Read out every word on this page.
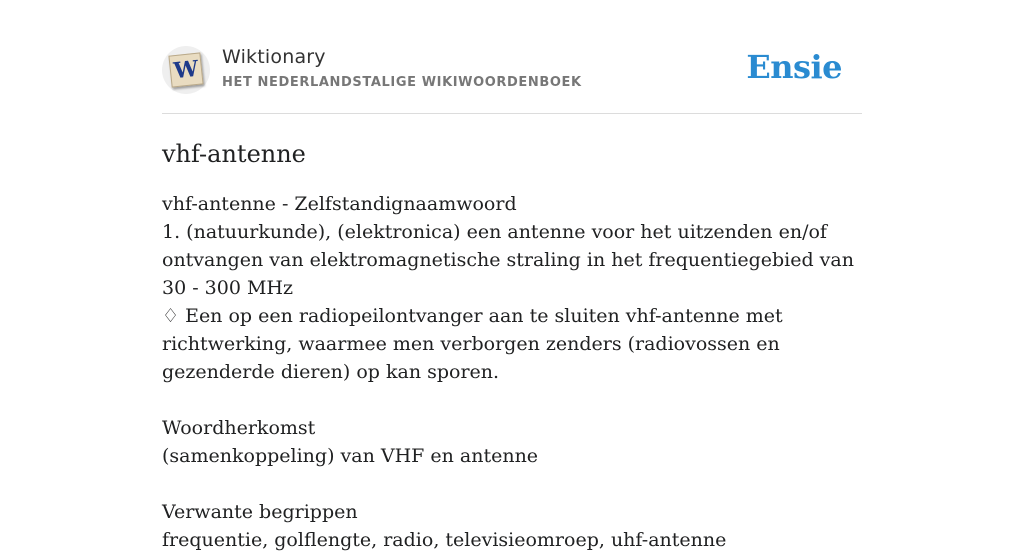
W Wiktionary
HET NEDERLANDSTALIGE WIKIWOORDENBOEK	Ensie
vhf-antenne
vhf-antenne - Zelfstandignaamwoord
1. (natuurkunde), (elektronica) een antenne voor het uitzenden en/of ontvangen van elektromagnetische straling in het frequentiegebied van 30 - 300 MHz
♢ Een op een radiopeilontvanger aan te sluiten vhf-antenne met richtwerking, waarmee men verborgen zenders (radiovossen en gezenderde dieren) op kan sporen.
Woordherkomst
(samenkoppeling) van VHF en antenne
Verwante begrippen
frequentie, golflengte, radio, televisieomroep, uhf-antenne
